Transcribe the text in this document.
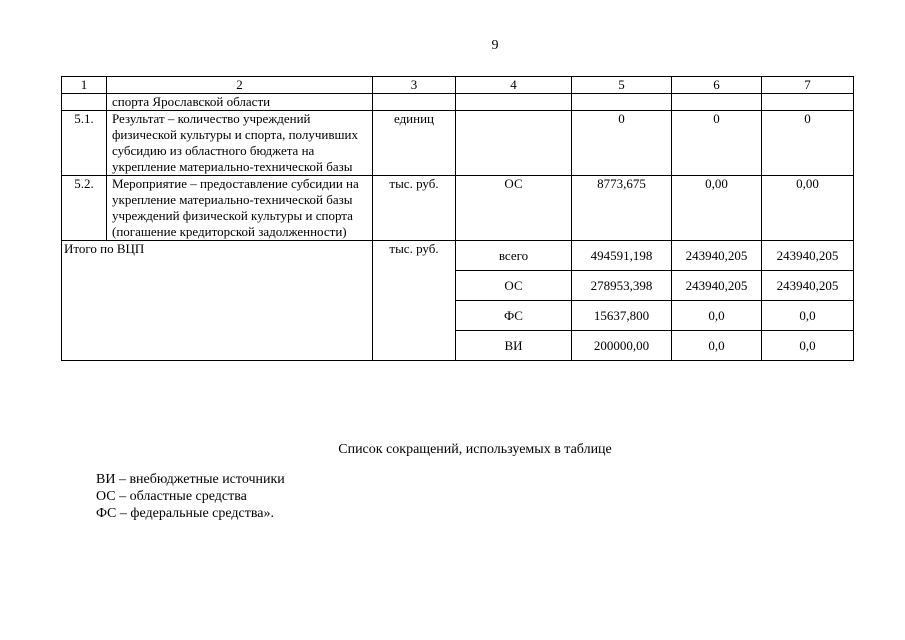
9
1	2	3	4	5	6	7
	спорта Ярославской области					
5.1.	Результат – количество учреждений физической культуры и спорта, получивших субсидию из областного бюджета на укрепление материально-технической базы	единиц		0	0	0
5.2.	Мероприятие – предоставление субсидии на укрепление материально-технической базы учреждений физической культуры и спорта (погашение кредиторской задолженности)	тыс. руб.	ОС	8773,675	0,00	0,00
Итого по ВЦП		тыс. руб.	всего	494591,198	243940,205	243940,205
			ОС	278953,398	243940,205	243940,205
			ФС	15637,800	0,0	0,0
			ВИ	200000,00	0,0	0,0
Список сокращений, используемых в таблице
ВИ – внебюджетные источники
ОС – областные средства
ФС – федеральные средства».
